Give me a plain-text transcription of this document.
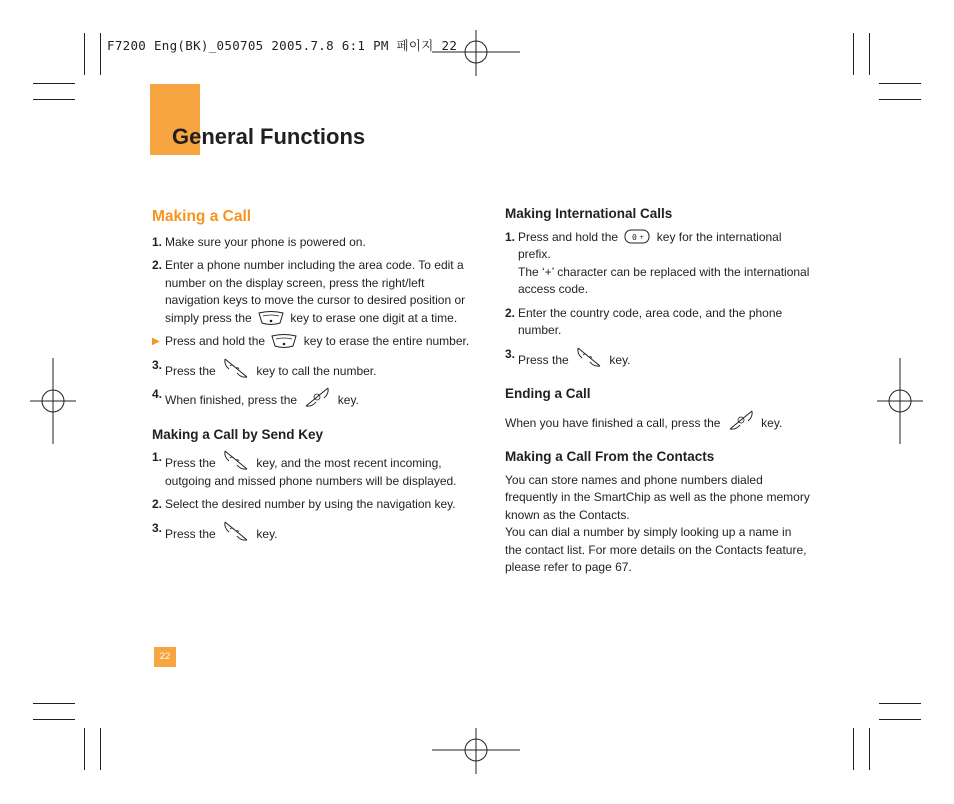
F7200 Eng(BK)_050705 2005.7.8 6:1 PM 페이지 22
General Functions
Making a Call
1. Make sure your phone is powered on.
2. Enter a phone number including the area code. To edit a number on the display screen, press the right/left navigation keys to move the cursor to desired position or simply press the	key to erase one digit at a time.
▶ Press and hold the	key to erase the entire number.
3. Press the	key to call the number.
4. When finished, press the	key.
Making a Call by Send Key
1. Press the	key, and the most recent incoming, outgoing and missed phone numbers will be displayed.
2. Select the desired number by using the navigation key.
3. Press the	key.
Making International Calls
1. Press and hold the 0 + key for the international prefix.
The ‘+’ character can be replaced with the international access code.
2. Enter the country code, area code, and the phone number.
3. Press the	key.
Ending a Call
When you have finished a call, press the	key.
Making a Call From the Contacts
You can store names and phone numbers dialed frequently in the SmartChip as well as the phone memory known as the Contacts.
You can dial a number by simply looking up a name in the contact list. For more details on the Contacts feature, please refer to page 67.
22
